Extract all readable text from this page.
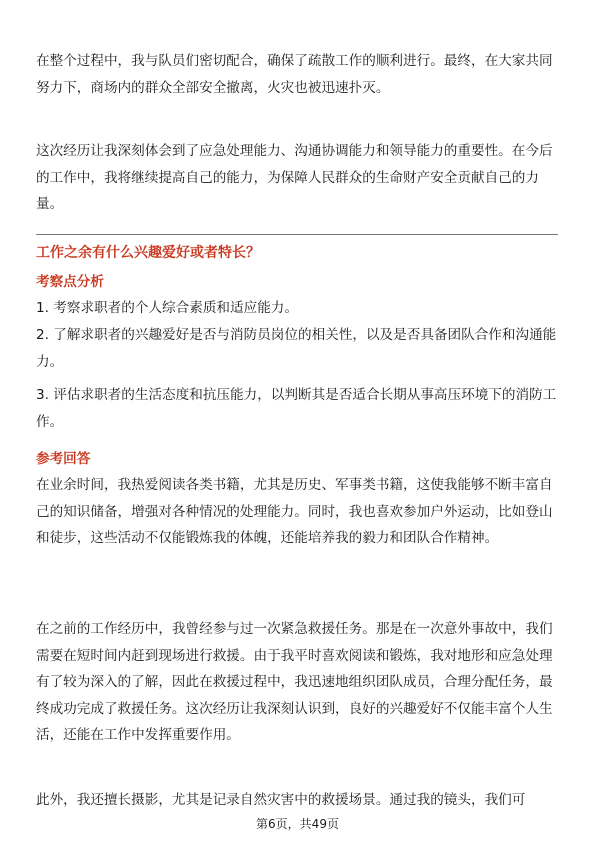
在整个过程中，我与队员们密切配合，确保了疏散工作的顺利进行。最终，在大家共同努力下，商场内的群众全部安全撤离，火灾也被迅速扑灭。

这次经历让我深刻体会到了应急处理能力、沟通协调能力和领导能力的重要性。在今后的工作中，我将继续提高自己的能力，为保障人民群众的生命财产安全贡献自己的力量。

工作之余有什么兴趣爱好或者特长？

考察点分析

1. 考察求职者的个人综合素质和适应能力。

2. 了解求职者的兴趣爱好是否与消防员岗位的相关性，以及是否具备团队合作和沟通能力。

3. 评估求职者的生活态度和抗压能力，以判断其是否适合长期从事高压环境下的消防工作。

参考回答

在业余时间，我热爱阅读各类书籍，尤其是历史、军事类书籍，这使我能够不断丰富自己的知识储备，增强对各种情况的处理能力。同时，我也喜欢参加户外运动，比如登山和徒步，这些活动不仅能锻炼我的体魄，还能培养我的毅力和团队合作精神。

在之前的工作经历中，我曾经参与过一次紧急救援任务。那是在一次意外事故中，我们需要在短时间内赶到现场进行救援。由于我平时喜欢阅读和锻炼，我对地形和应急处理有了较为深入的了解，因此在救援过程中，我迅速地组织团队成员，合理分配任务，最终成功完成了救援任务。这次经历让我深刻认识到，良好的兴趣爱好不仅能丰富个人生活，还能在工作中发挥重要作用。

此外，我还擅长摄影，尤其是记录自然灾害中的救援场景。通过我的镜头，我们可

第6页，共49页
